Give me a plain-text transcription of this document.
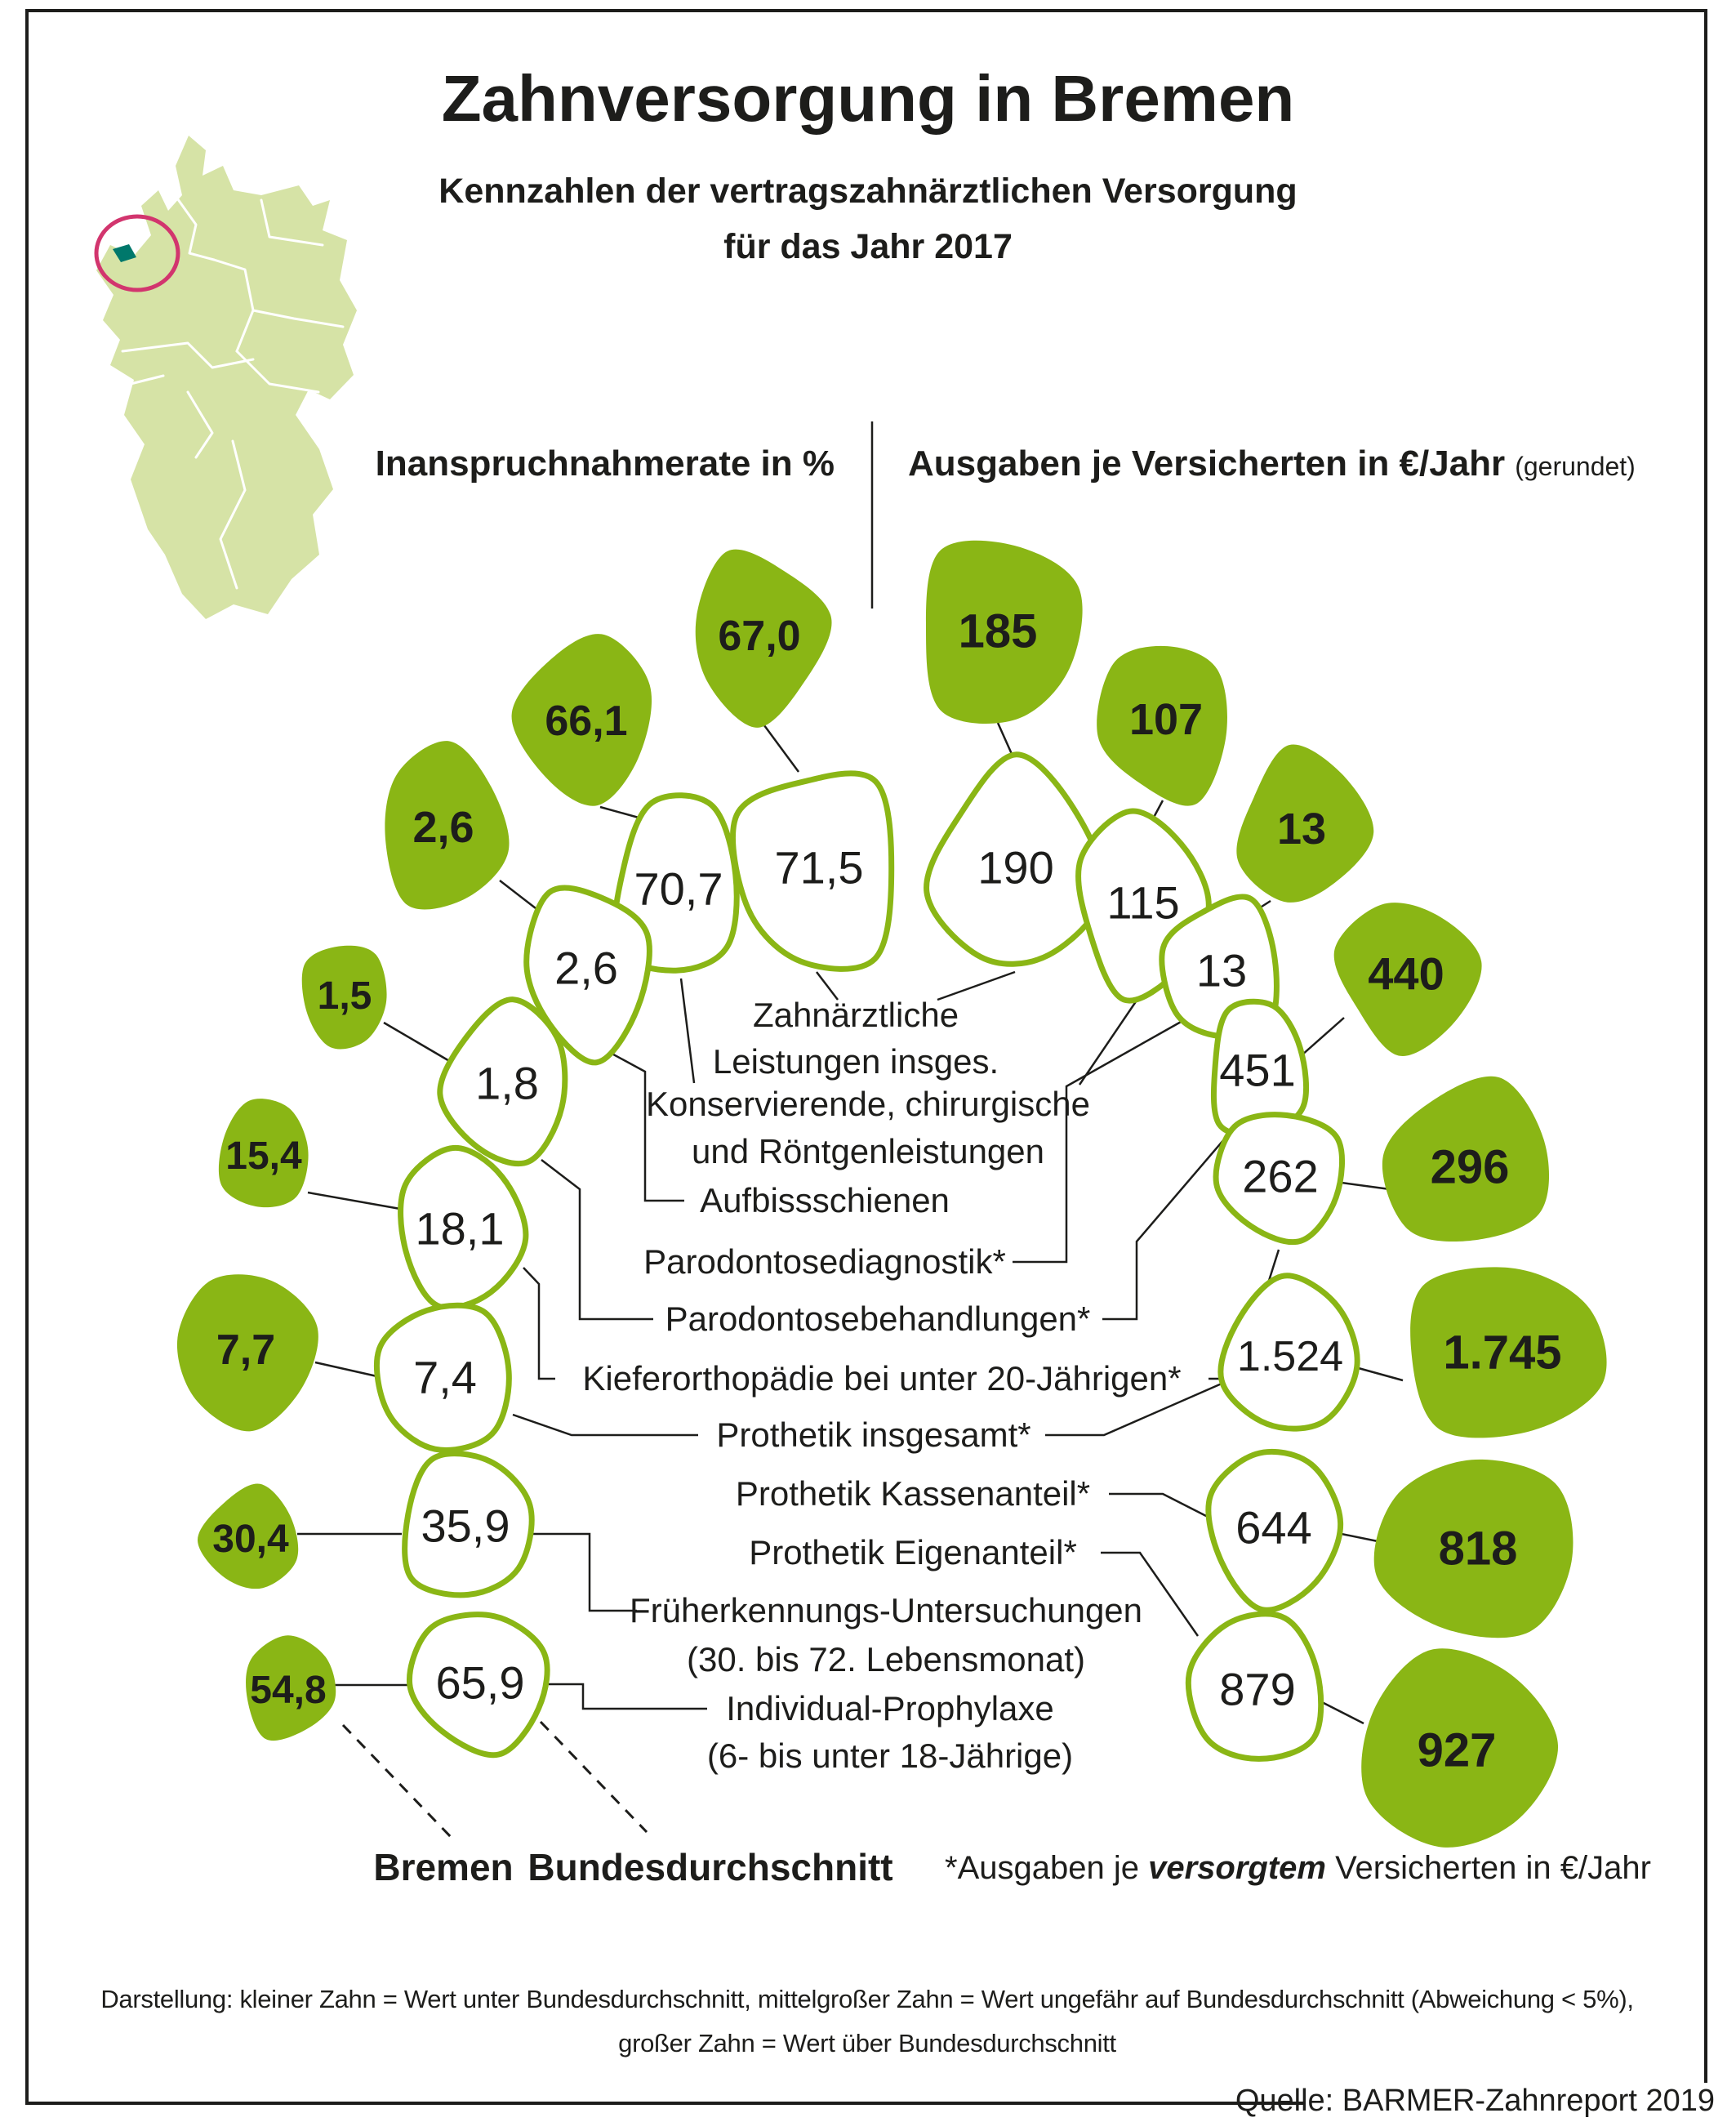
Zahnversorgung in Bremen
Kennzahlen der vertragszahnärztlichen Versorgung
für das Jahr 2017
Inanspruchnahmerate in % Ausgaben je Versicherten in €/Jahr (gerundet)
67,0
66,1
2,6
1,5
15,4
7,7
30,4
54,8
71,5
70,7
2,6
1,8
18,1
7,4
35,9
65,9
190
115
13
451
262
1.524
644
879
185
107
13
440
296
1.745
818
927
Zahnärztliche
Leistungen insges.
Konservierende, chirurgische
und Röntgenleistungen
Aufbissschienen
Parodontosediagnostik*
Parodontosebehandlungen*
Kieferorthopädie bei unter 20-Jährigen*
Prothetik insgesamt*
Prothetik Kassenanteil*
Prothetik Eigenanteil*
Früherkennungs-Untersuchungen
(30. bis 72. Lebensmonat)
Individual-Prophylaxe
(6- bis unter 18-Jährige)
Bremen Bundesdurchschnitt *Ausgaben je versorgtem Versicherten in €/Jahr
Darstellung: kleiner Zahn = Wert unter Bundesdurchschnitt, mittelgroßer Zahn = Wert ungefähr auf Bundesdurchschnitt (Abweichung < 5%),
großer Zahn = Wert über Bundesdurchschnitt
Quelle: BARMER-Zahnreport 2019
